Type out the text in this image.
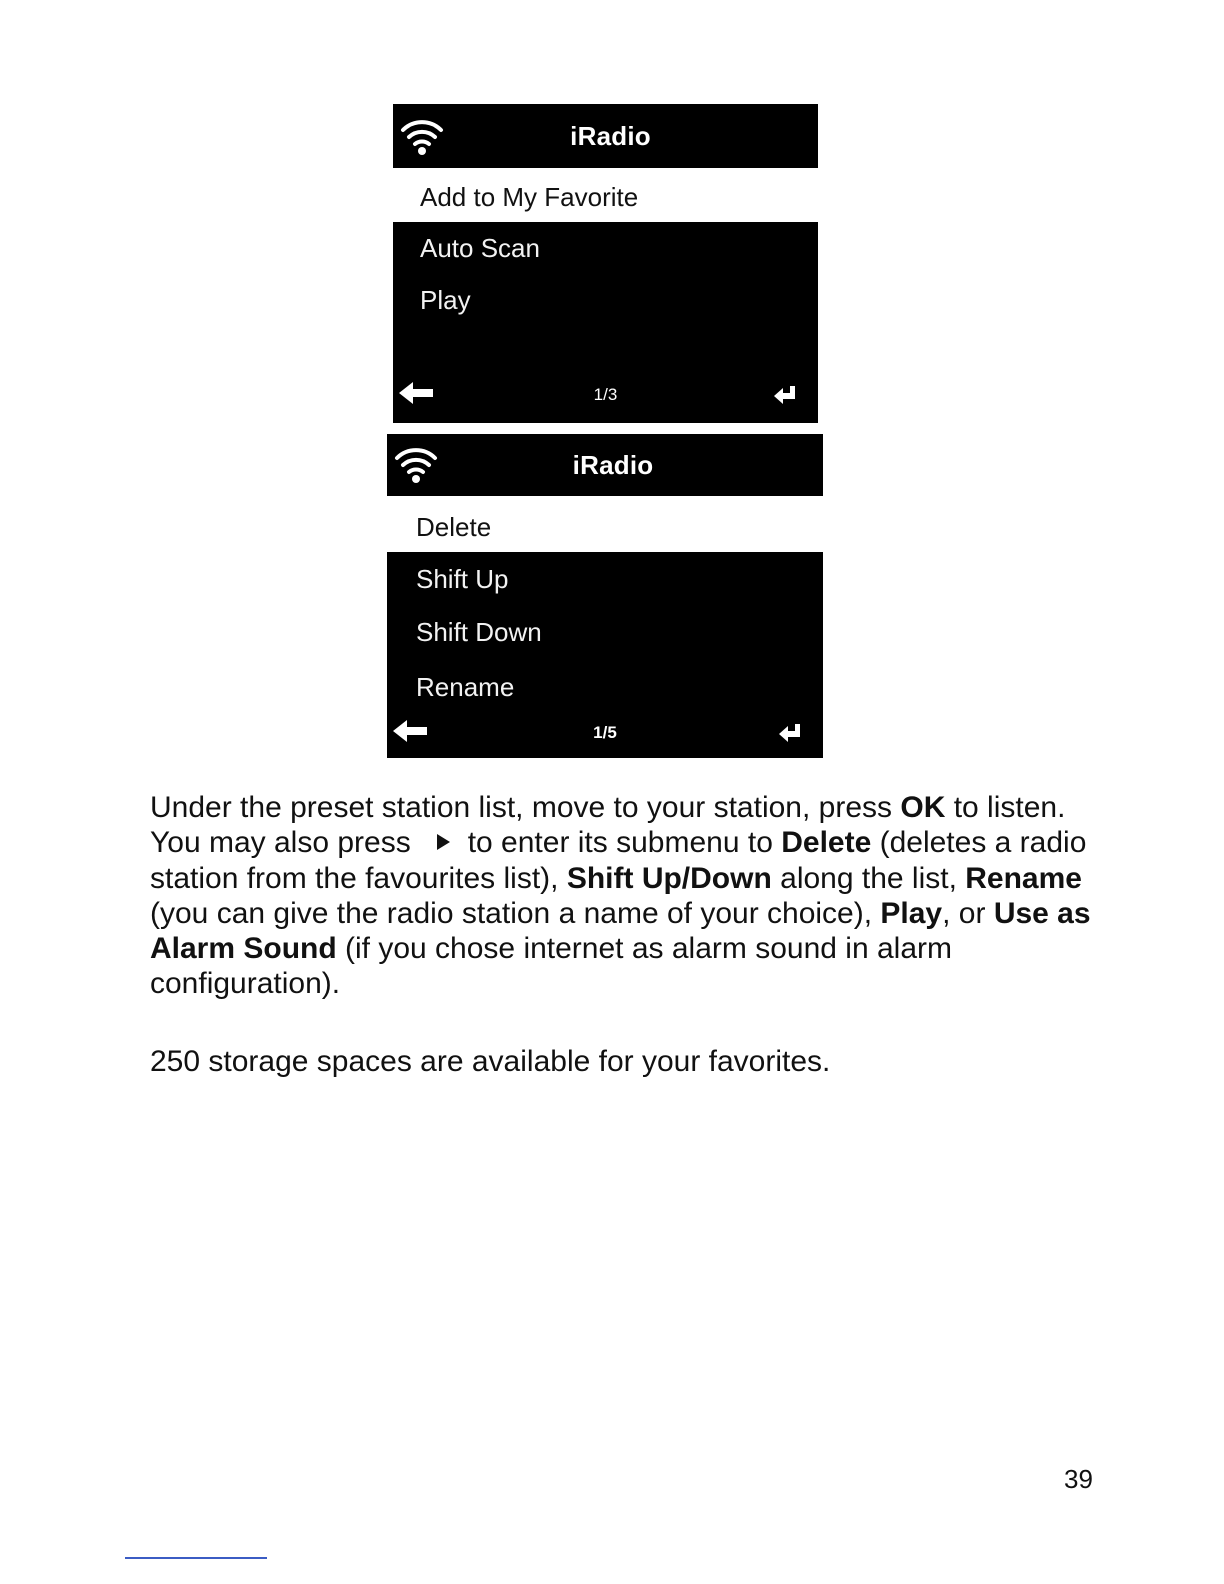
iRadio
Add to My Favorite
Auto Scan
Play
1/3
iRadio
Delete
Shift Up
Shift Down
Rename
1/5
Under the preset station list, move to your station, press OK to listen. You may also press to enter its submenu to Delete (deletes a radio station from the favourites list), Shift Up/Down along the list, Rename (you can give the radio station a name of your choice), Play, or Use as Alarm Sound (if you chose internet as alarm sound in alarm configuration).
250 storage spaces are available for your favorites.
39
